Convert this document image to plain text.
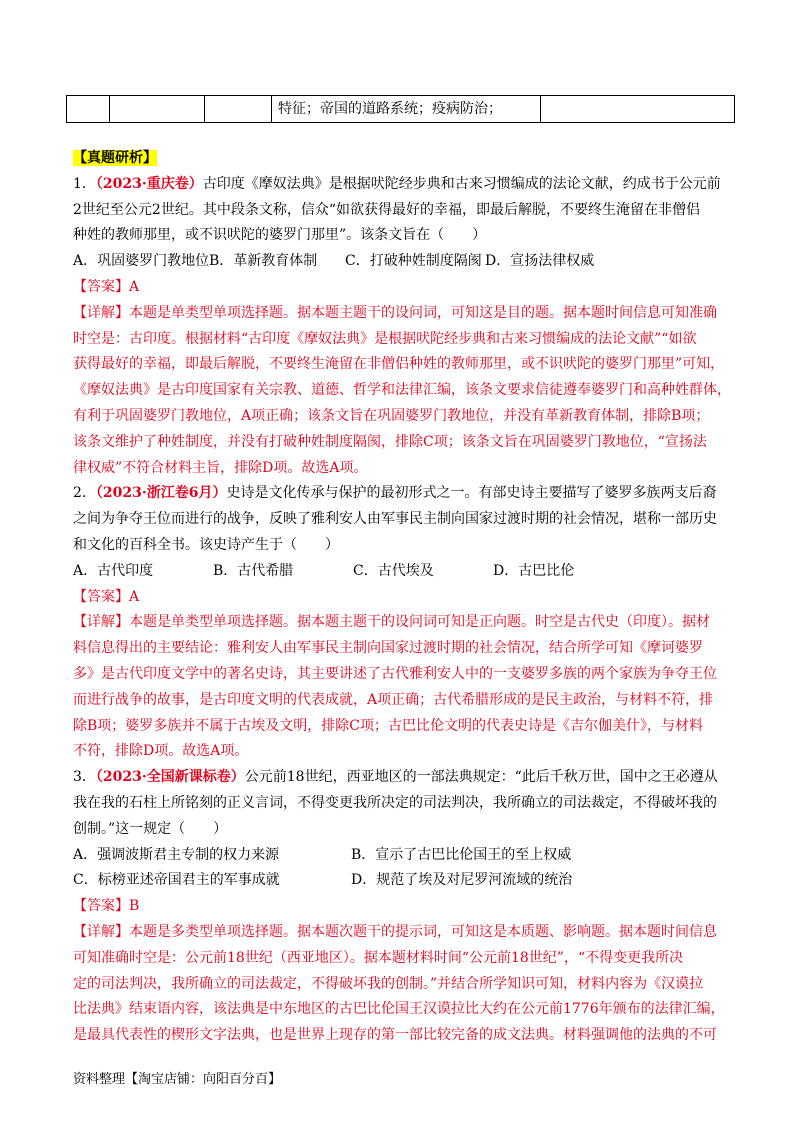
			特征；帝国的道路系统；疫病防治；	
【真题研析】
1．（2023·重庆卷）古印度《摩奴法典》是根据吠陀经步典和古来习惯编成的法论文献，约成书于公元前
2世纪至公元2世纪。其中段条文称，信众“如欲获得最好的幸福，即最后解脱，不要终生淹留在非僧侣
种姓的教师那里，或不识吠陀的婆罗门那里”。该条文旨在（　　）
A．巩固婆罗门教地位B．革新教育体制 C．打破种姓制度隔阂 D．宣扬法律权威
【答案】A
【详解】本题是单类型单项选择题。据本题主题干的设问词，可知这是目的题。据本题时间信息可知准确
时空是：古印度。根据材料“古印度《摩奴法典》是根据吠陀经步典和古来习惯编成的法论文献”“如欲
获得最好的幸福，即最后解脱，不要终生淹留在非僧侣种姓的教师那里，或不识吠陀的婆罗门那里”可知，
《摩奴法典》是古印度国家有关宗教、道德、哲学和法律汇编，该条文要求信徒遵奉婆罗门和高种姓群体，
有利于巩固婆罗门教地位，A项正确；该条文旨在巩固婆罗门教地位，并没有革新教育体制，排除B项；
该条文维护了种姓制度，并没有打破种姓制度隔阂，排除C项；该条文旨在巩固婆罗门教地位，“宣扬法
律权威”不符合材料主旨，排除D项。故选A项。
2．（2023·浙江卷6月）史诗是文化传承与保护的最初形式之一。有部史诗主要描写了婆罗多族两支后裔
之间为争夺王位而进行的战争，反映了雅利安人由军事民主制向国家过渡时期的社会情况，堪称一部历史
和文化的百科全书。该史诗产生于（　　）
A．古代印度	B．古代希腊	C．古代埃及	D．古巴比伦
【答案】A
【详解】本题是单类型单项选择题。据本题主题干的设问词可知是正向题。时空是古代史（印度）。据材
料信息得出的主要结论：雅利安人由军事民主制向国家过渡时期的社会情况，结合所学可知《摩诃婆罗
多》是古代印度文学中的著名史诗，其主要讲述了古代雅利安人中的一支婆罗多族的两个家族为争夺王位
而进行战争的故事，是古印度文明的代表成就，A项正确；古代希腊形成的是民主政治，与材料不符，排
除B项；婆罗多族并不属于古埃及文明，排除C项；古巴比伦文明的代表史诗是《吉尔伽美什》，与材料
不符，排除D项。故选A项。
3．（2023·全国新课标卷）公元前18世纪，西亚地区的一部法典规定：“此后千秋万世，国中之王必遵从
我在我的石柱上所铭刻的正义言词，不得变更我所决定的司法判决，我所确立的司法裁定，不得破坏我的
创制。”这一规定（　　）
A．强调波斯君主专制的权力来源	B．宣示了古巴比伦国王的至上权威
C．标榜亚述帝国君主的军事成就	D．规范了埃及对尼罗河流域的统治
【答案】B
【详解】本题是多类型单项选择题。据本题次题干的提示词，可知这是本质题、影响题。据本题时间信息
可知准确时空是：公元前18世纪（西亚地区）。据本题材料时间“公元前18世纪”，“不得变更我所决
定的司法判决，我所确立的司法裁定，不得破坏我的创制。”并结合所学知识可知，材料内容为《汉谟拉
比法典》结束语内容，该法典是中东地区的古巴比伦国王汉谟拉比大约在公元前1776年颁布的法律汇编，
是最具代表性的楔形文字法典，也是世界上现存的第一部比较完备的成文法典。材料强调他的法典的不可
资料整理【淘宝店铺：向阳百分百】
